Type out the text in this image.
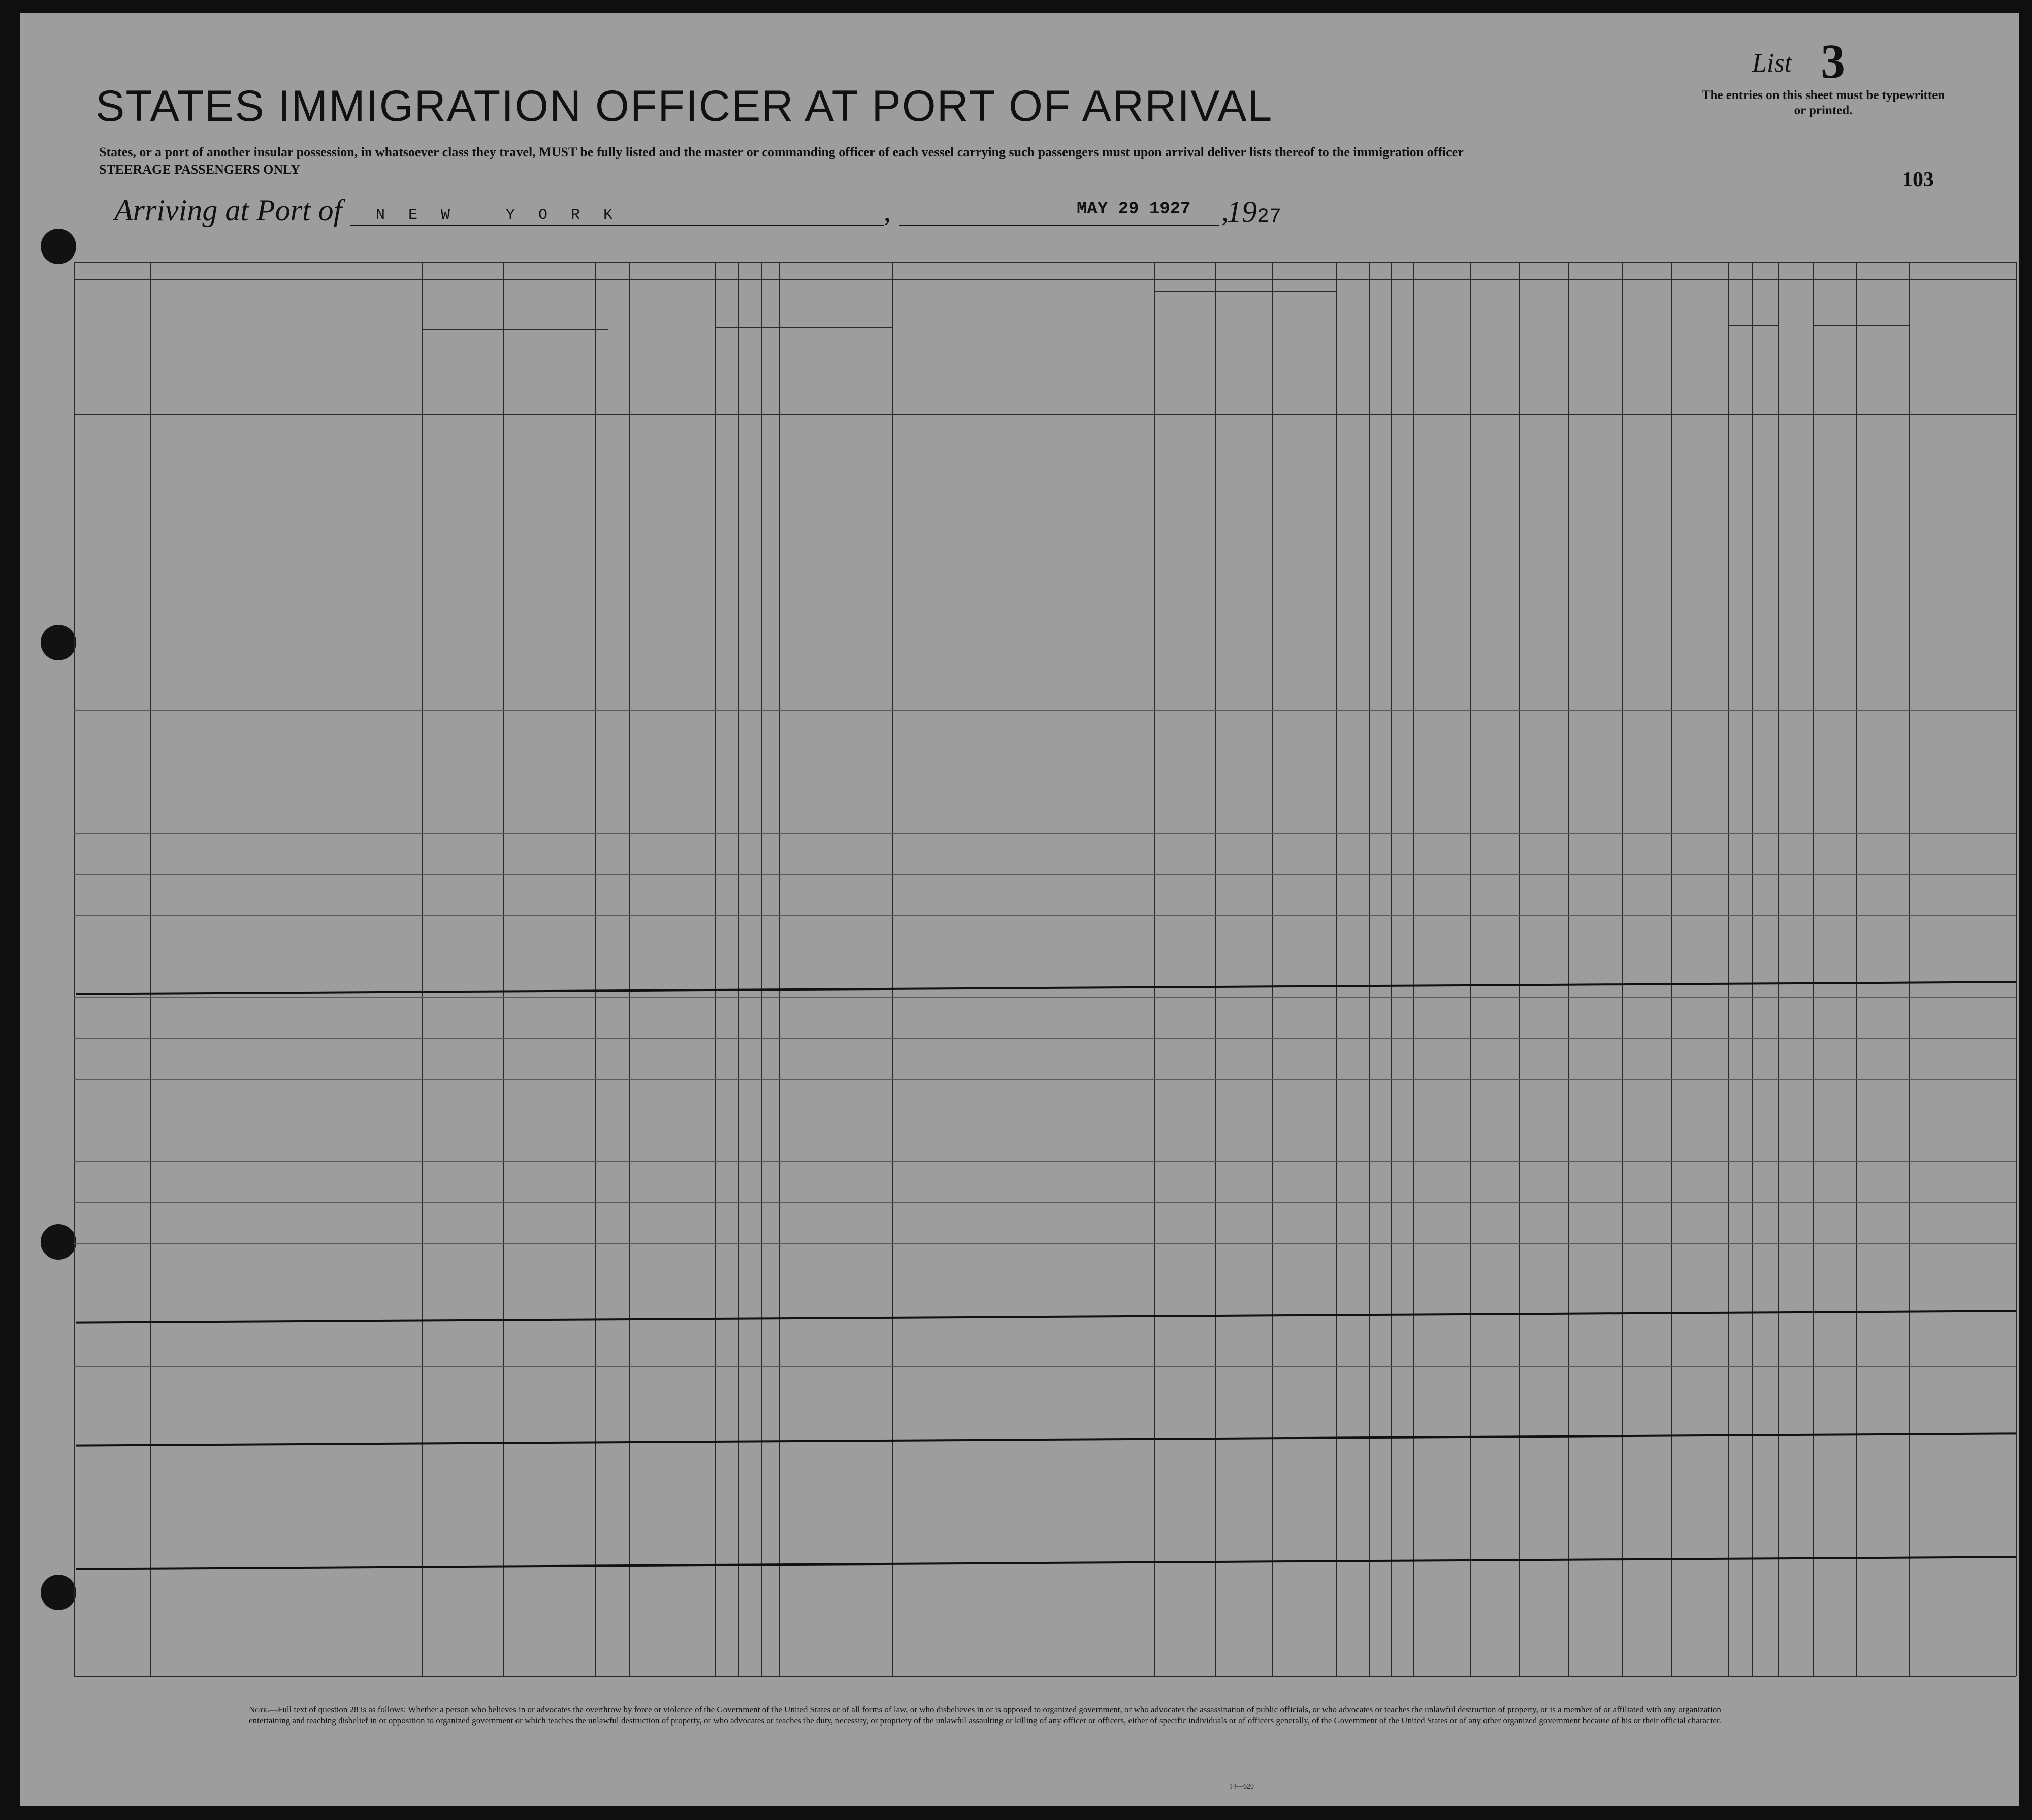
List 3
STATES IMMIGRATION OFFICER AT PORT OF ARRIVAL	The entries on this sheet must be typewritten or printed.
States, or a port of another insular possession, in whatsoever class they travel, MUST be fully listed and the master or commanding officer of each vessel carrying such passengers must upon arrival deliver lists thereof to the immigration officer
STEERAGE PASSENGERS ONLY	103
Arriving at Port of NEW YORK	,	MAY 29 1927 ,
1927
Note.—Full text of question 28 is as follows: Whether a person who believes in or advocates the overthrow by force or violence of the Government of the United States or of all forms of law, or who disbelieves in or is opposed to organized government, or who advocates the assassination of public officials, or who advocates or teaches the unlawful destruction of property, or is a member of or affiliated with any organization entertaining and teaching disbelief in or opposition to organized government or which teaches the unlawful destruction of property, or who advocates or teaches the duty, necessity, or propriety of the unlawful assaulting or killing of any officer or officers, either of specific individuals or of officers generally, of the Government of the United States or of any other organized government because of his or their official character.
14—620
